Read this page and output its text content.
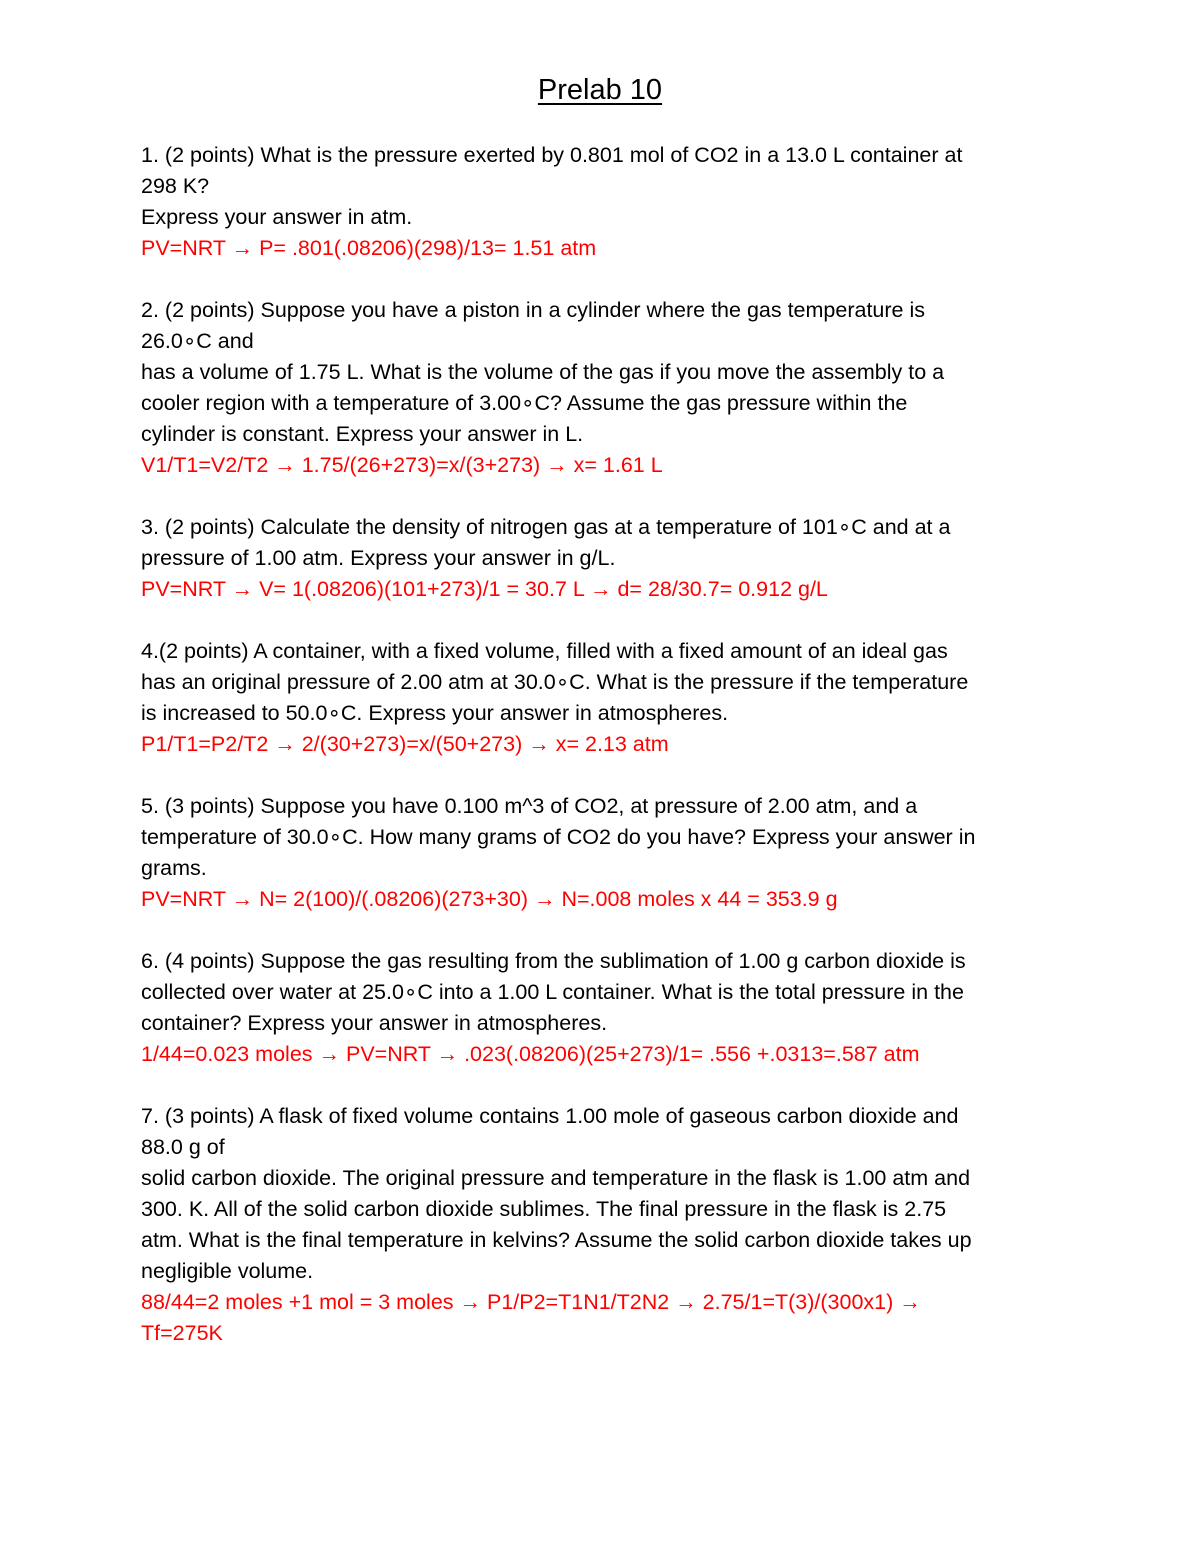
Prelab 10
1. (2 points) What is the pressure exerted by 0.801 mol of CO2 in a 13.0 L container at
298 K?
Express your answer in atm.
PV=NRT → P= .801(.08206)(298)/13= 1.51 atm
2. (2 points) Suppose you have a piston in a cylinder where the gas temperature is
26.0∘C and
has a volume of 1.75 L. What is the volume of the gas if you move the assembly to a
cooler region with a temperature of 3.00∘C? Assume the gas pressure within the
cylinder is constant. Express your answer in L.
V1/T1=V2/T2 → 1.75/(26+273)=x/(3+273) → x= 1.61 L
3. (2 points) Calculate the density of nitrogen gas at a temperature of 101∘C and at a
pressure of 1.00 atm. Express your answer in g/L.
PV=NRT → V= 1(.08206)(101+273)/1 = 30.7 L → d= 28/30.7= 0.912 g/L
4.(2 points) A container, with a fixed volume, filled with a fixed amount of an ideal gas
has an original pressure of 2.00 atm at 30.0∘C. What is the pressure if the temperature
is increased to 50.0∘C. Express your answer in atmospheres.
P1/T1=P2/T2 → 2/(30+273)=x/(50+273) → x= 2.13 atm
5. (3 points) Suppose you have 0.100 m^3 of CO2, at pressure of 2.00 atm, and a
temperature of 30.0∘C. How many grams of CO2 do you have? Express your answer in
grams.
PV=NRT → N= 2(100)/(.08206)(273+30) → N=.008 moles x 44 = 353.9 g
6. (4 points) Suppose the gas resulting from the sublimation of 1.00 g carbon dioxide is
collected over water at 25.0∘C into a 1.00 L container. What is the total pressure in the
container? Express your answer in atmospheres.
1/44=0.023 moles → PV=NRT → .023(.08206)(25+273)/1= .556 +.0313=.587 atm
7. (3 points) A flask of fixed volume contains 1.00 mole of gaseous carbon dioxide and
88.0 g of
solid carbon dioxide. The original pressure and temperature in the flask is 1.00 atm and
300. K. All of the solid carbon dioxide sublimes. The final pressure in the flask is 2.75
atm. What is the final temperature in kelvins? Assume the solid carbon dioxide takes up
negligible volume.
88/44=2 moles +1 mol = 3 moles → P1/P2=T1N1/T2N2 → 2.75/1=T(3)/(300x1) →
Tf=275K
